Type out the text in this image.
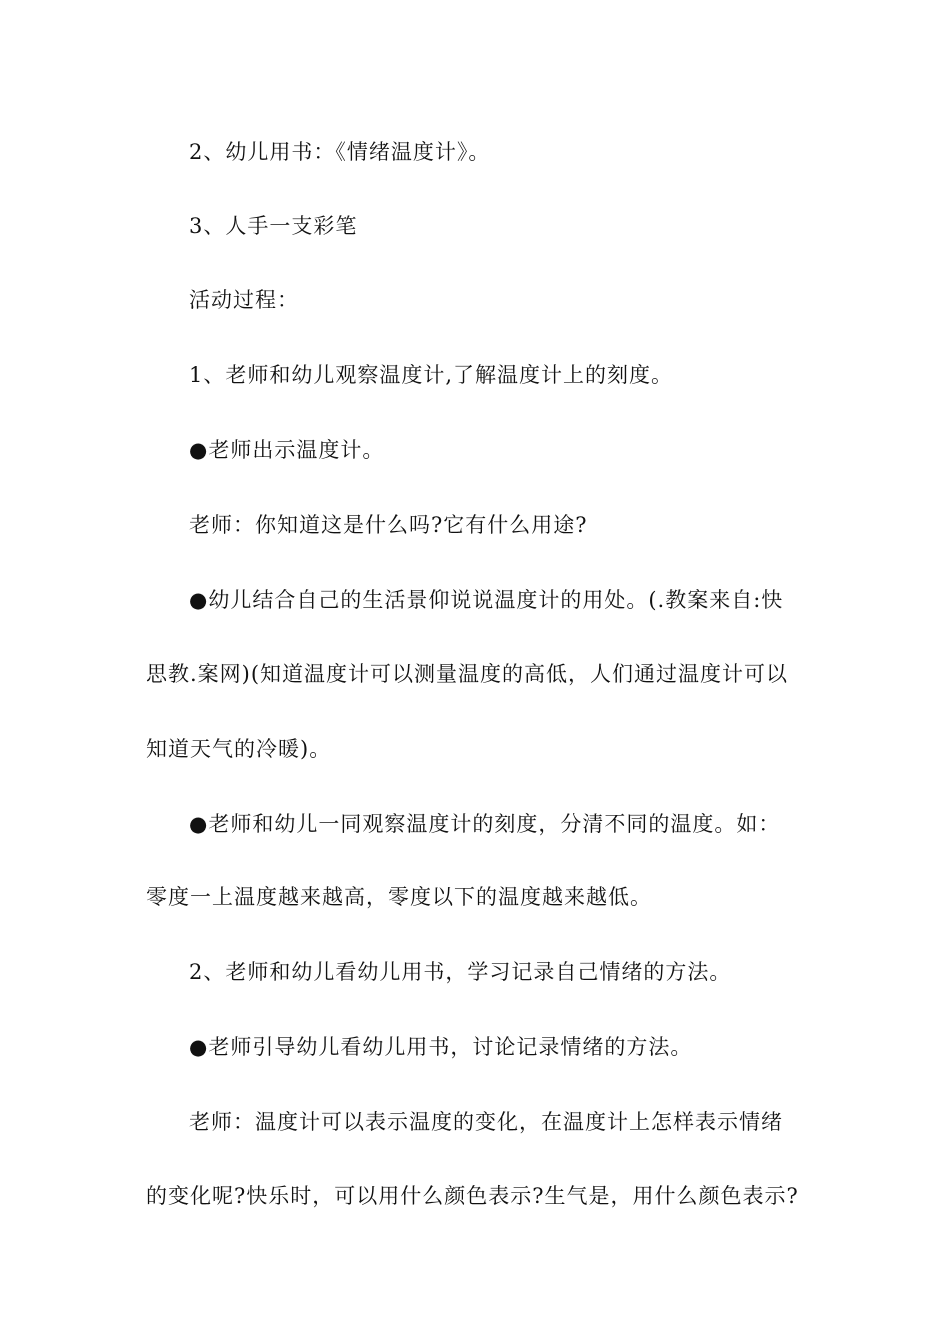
2、幼儿用书：《情绪温度计》。
3、人手一支彩笔
活动过程：
1、老师和幼儿观察温度计,了解温度计上的刻度。
●老师出示温度计。
老师：你知道这是什么吗?它有什么用途?
●幼儿结合自己的生活景仰说说温度计的用处。(.教案来自:快
思教.案网)(知道温度计可以测量温度的高低，人们通过温度计可以
知道天气的冷暖)。
●老师和幼儿一同观察温度计的刻度，分清不同的温度。如：
零度一上温度越来越高，零度以下的温度越来越低。
2、老师和幼儿看幼儿用书，学习记录自己情绪的方法。
●老师引导幼儿看幼儿用书，讨论记录情绪的方法。
老师：温度计可以表示温度的变化，在温度计上怎样表示情绪
的变化呢?快乐时，可以用什么颜色表示?生气是，用什么颜色表示?
